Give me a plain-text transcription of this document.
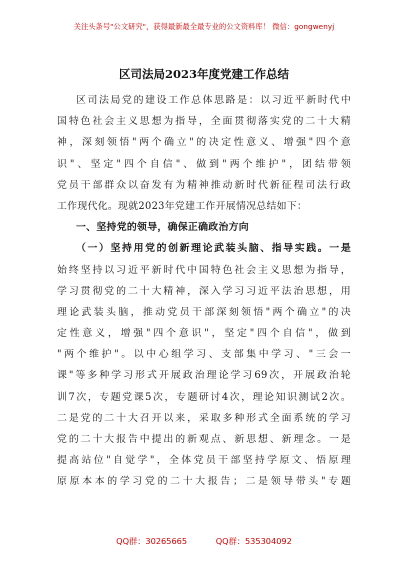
关注头条号"公文研究"，获得最新最全最专业的公文资料库！ 微信：gongwenyj
区司法局2023年度党建工作总结
区司法局党的建设工作总体思路是：以习近平新时代中
国特色社会主义思想为指导，全面贯彻落实党的二十大精
神，深刻领悟"两个确立"的决定性意义、增强"四个意
识"、坚定"四个自信"、做到"两个维护"，团结带领
党员干部群众以奋发有为精神推动新时代新征程司法行政
工作现代化。现就2023年党建工作开展情况总结如下：
一、坚持党的领导，确保正确政治方向
（一）坚持用党的创新理论武装头脑、指导实践。一是
始终坚持以习近平新时代中国特色社会主义思想为指导，
学习贯彻党的二十大精神，深入学习习近平法治思想，用
理论武装头脑，推动党员干部深刻领悟"两个确立"的决
定性意义，增强"四个意识"，坚定"四个自信"，做到
"两个维护"。以中心组学习、支部集中学习、"三会一
课"等多种学习形式开展政治理论学习69次，开展政治轮
训7次，专题党课5次，专题研讨4次，理论知识测试2次。
二是党的二十大召开以来，采取多种形式全面系统的学习
党的二十大报告中提出的新观点、新思想、新理念。一是
提高站位"自觉学"，全体党员干部坚持学原文、悟原理
原原本本的学习党的二十大报告；二是领导带头"专题
QQ群：30265665	QQ群：535304092
